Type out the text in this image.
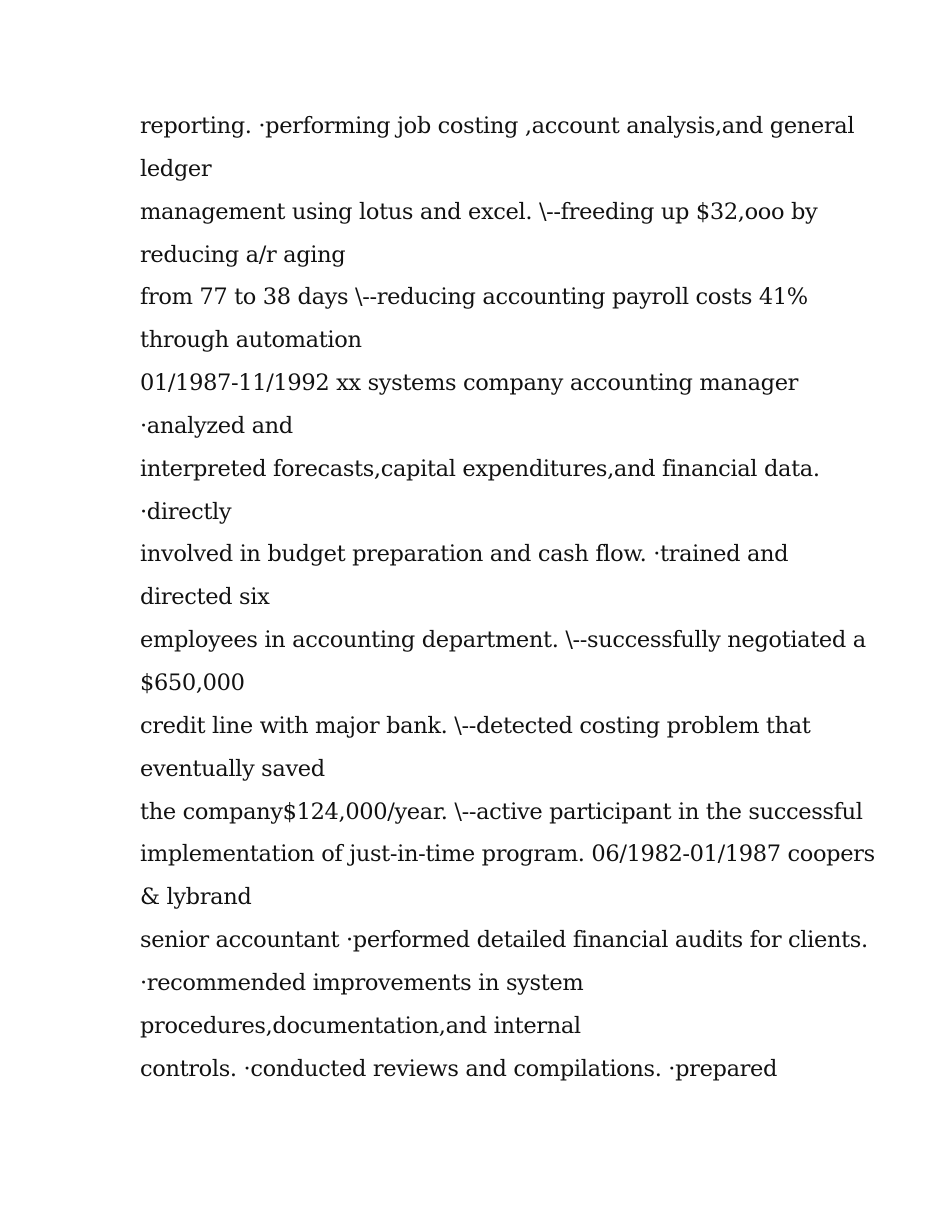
reporting. ·performing job costing ,account analysis,and general
ledger
management using lotus and excel. \--freeding up $32,ooo by
reducing a/r aging
from 77 to 38 days \--reducing accounting payroll costs 41%
through automation
01/1987-11/1992 xx systems company accounting manager
·analyzed and
interpreted forecasts,capital expenditures,and financial data.
·directly
involved in budget preparation and cash flow. ·trained and
directed six
employees in accounting department. \--successfully negotiated a
$650,000
credit line with major bank. \--detected costing problem that
eventually saved
the company$124,000/year. \--active participant in the successful
implementation of just-in-time program. 06/1982-01/1987 coopers
& lybrand
senior accountant ·performed detailed financial audits for clients.
·recommended improvements in system
procedures,documentation,and internal
controls. ·conducted reviews and compilations. ·prepared
